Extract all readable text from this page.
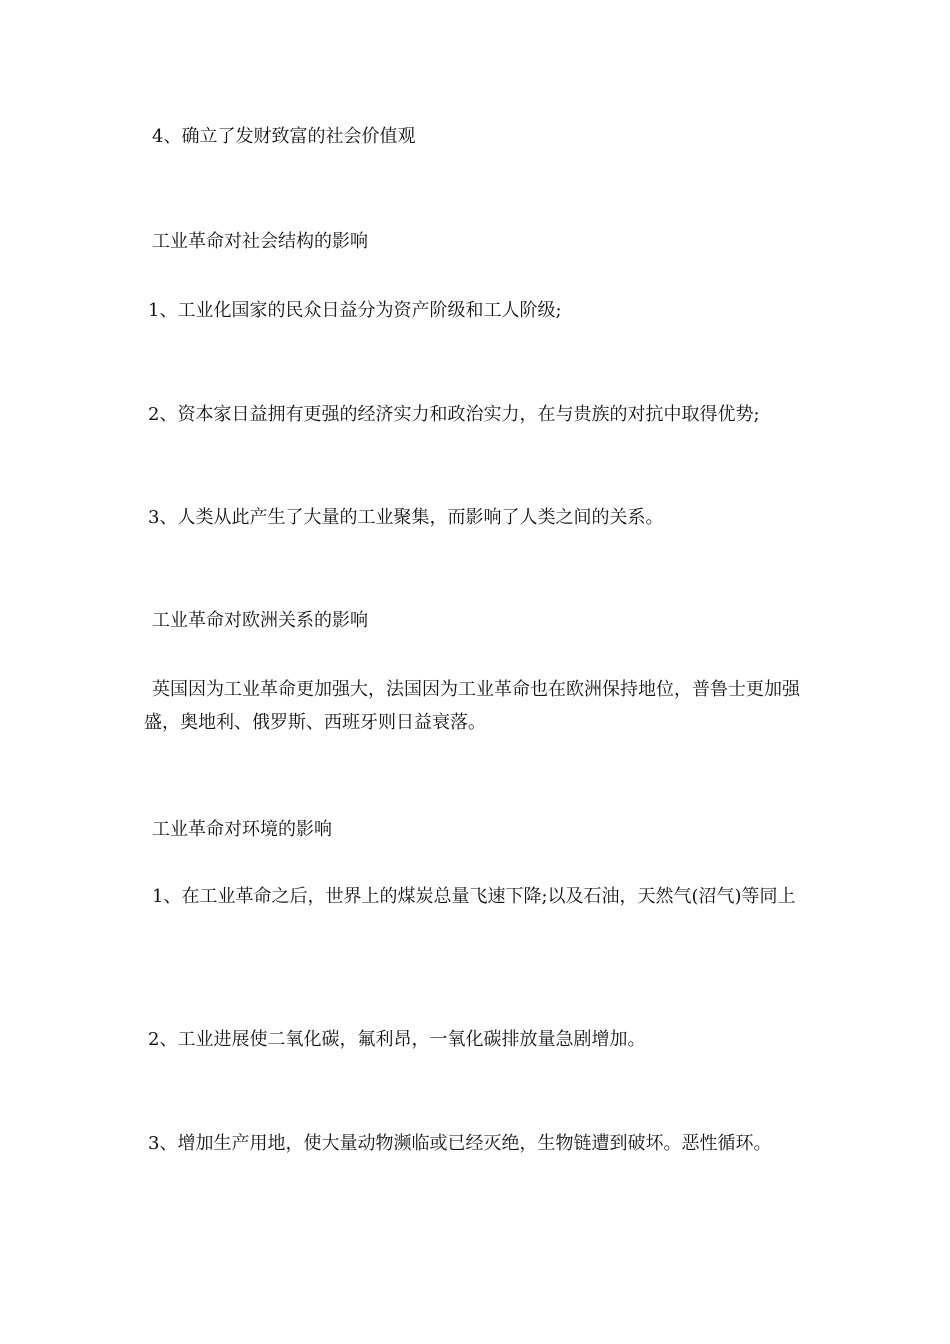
4、确立了发财致富的社会价值观

工业革命对社会结构的影响

1、工业化国家的民众日益分为资产阶级和工人阶级;

2、资本家日益拥有更强的经济实力和政治实力，在与贵族的对抗中取得优势;

3、人类从此产生了大量的工业聚集，而影响了人类之间的关系。

工业革命对欧洲关系的影响

英国因为工业革命更加强大，法国因为工业革命也在欧洲保持地位，普鲁士更加强盛，奥地利、俄罗斯、西班牙则日益衰落。

工业革命对环境的影响

1、在工业革命之后，世界上的煤炭总量飞速下降;以及石油，天然气(沼气)等同上

2、工业进展使二氧化碳，氟利昂，一氧化碳排放量急剧增加。

3、增加生产用地，使大量动物濒临或已经灭绝，生物链遭到破坏。恶性循环。
